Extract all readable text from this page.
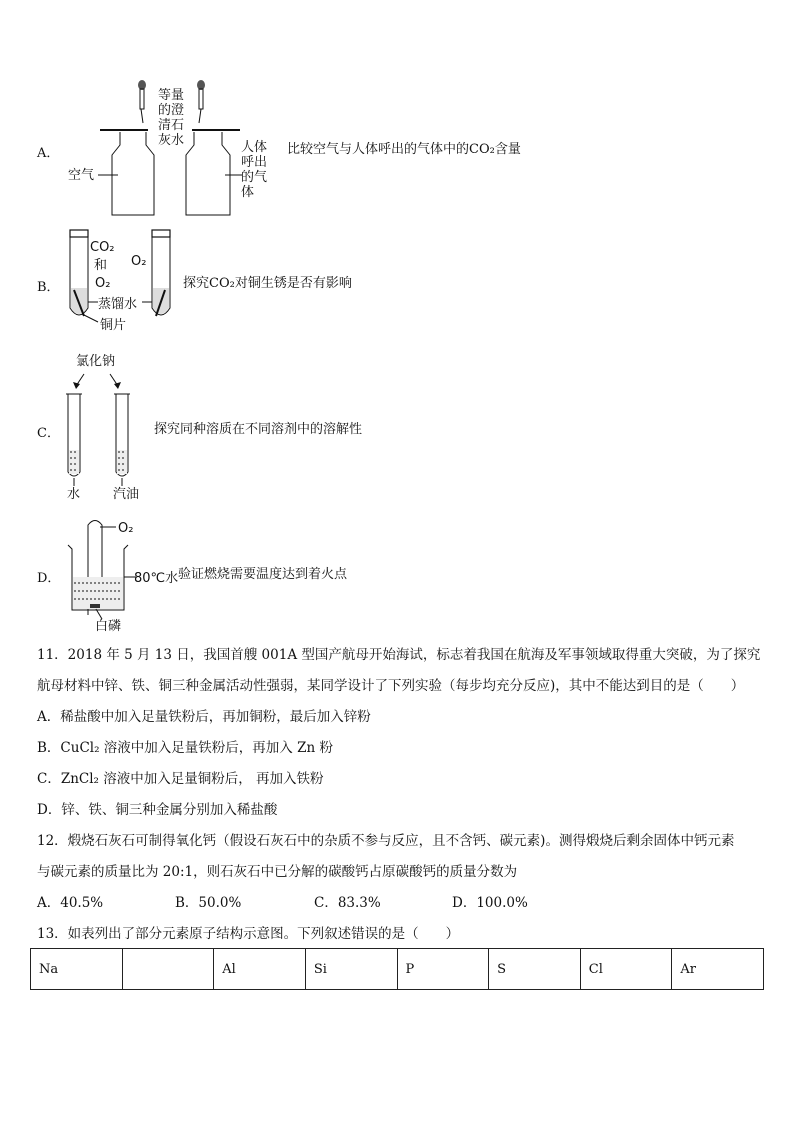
A．
等量
的澄
清石
灰水
空气
人体
呼出
的气
体
比较空气与人体呼出的气体中的CO₂含量
B．
CO₂
和
O₂
O₂
蒸馏水
铜片
探究CO₂对铜生锈是否有影响
C．
氯化钠
水	汽油
探究同种溶质在不同溶剂中的溶解性
D．
O₂
80℃水
白磷
验证燃烧需要温度达到着火点
11．2018 年 5 月 13 日，我国首艘 001A 型国产航母开始海试，标志着我国在航海及军事领域取得重大突破，为了探究
航母材料中锌、铁、铜三种金属活动性强弱，某同学设计了下列实验（每步均充分反应)，其中不能达到目的是（　　）
A．稀盐酸中加入足量铁粉后，再加铜粉，最后加入锌粉
B．CuCl₂ 溶液中加入足量铁粉后，再加入 Zn 粉
C．ZnCl₂ 溶液中加入足量铜粉后， 再加入铁粉
D．锌、铁、铜三种金属分别加入稀盐酸
12．煅烧石灰石可制得氧化钙（假设石灰石中的杂质不参与反应，且不含钙、碳元素)。测得煅烧后剩余固体中钙元素
与碳元素的质量比为 20:1，则石灰石中已分解的碳酸钙占原碳酸钙的质量分数为
A．40.5%	B．50.0%	C．83.3%	D．100.0%
13．如表列出了部分元素原子结构示意图。下列叙述错误的是（　　）
Na		Al	Si	P	S	Cl	Ar
